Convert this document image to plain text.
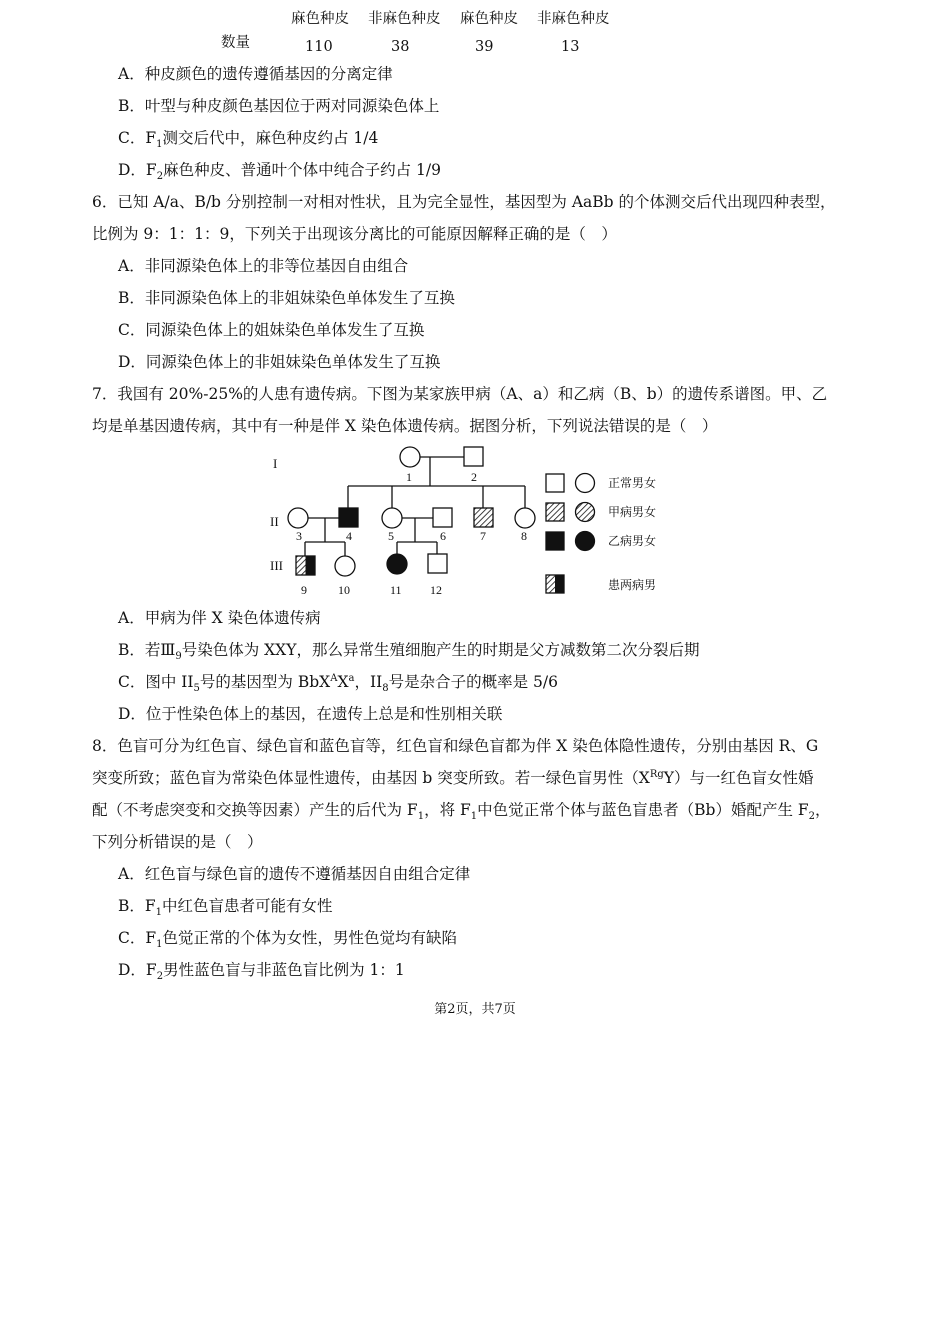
麻色种皮 非麻色种皮 麻色种皮 非麻色种皮
数量	110	38	39	13
A．种皮颜色的遗传遵循基因的分离定律
B．叶型与种皮颜色基因位于两对同源染色体上
C．$F_1$测交后代中，麻色种皮约占 1/4
D．$F_2$麻色种皮、普通叶个体中纯合子约占 1/9
6．已知 A/a、B/b 分别控制一对相对性状，且为完全显性，基因型为 AaBb 的个体测交后代出现四种表型，
比例为 9：1：1：9，下列关于出现该分离比的可能原因解释正确的是（　）
A．非同源染色体上的非等位基因自由组合
B．非同源染色体上的非姐妹染色单体发生了互换
C．同源染色体上的姐妹染色单体发生了互换
D．同源染色体上的非姐妹染色单体发生了互换
7．我国有 20%-25%的人患有遗传病。下图为某家族甲病（A、a）和乙病（B、b）的遗传系谱图。甲、乙
均是单基因遗传病，其中有一种是伴 X 染色体遗传病。据图分析，下列说法错误的是（　）
I
II
III
1	2
3	4	5	6	7	8
9	10	11 12
正常男女
甲病男女
乙病男女
患两病男
A．甲病为伴 X 染色体遗传病
B．若$Ⅲ_9$号染色体为 XXY，那么异常生殖细胞产生的时期是父方减数第二次分裂后期
C．图中 $II_5$号的基因型为 $BbX^AX^a$，$II_8$号是杂合子的概率是 5/6
D．位于性染色体上的基因，在遗传上总是和性别相关联
8．色盲可分为红色盲、绿色盲和蓝色盲等，红色盲和绿色盲都为伴 X 染色体隐性遗传，分别由基因 R、G
突变所致；蓝色盲为常染色体显性遗传，由基因 b 突变所致。若一绿色盲男性$(X^{Rg}Y)$与一红色盲女性婚
配（不考虑突变和交换等因素）产生的后代为 $F_1$，将 $F_1$中色觉正常个体与蓝色盲患者（Bb）婚配产生 $F_2$，
下列分析错误的是（　）
A．红色盲与绿色盲的遗传不遵循基因自由组合定律
B．$F_1$中红色盲患者可能有女性
C．$F_1$色觉正常的个体为女性，男性色觉均有缺陷
D．$F_2$男性蓝色盲与非蓝色盲比例为 1：1
第2页，共7页
